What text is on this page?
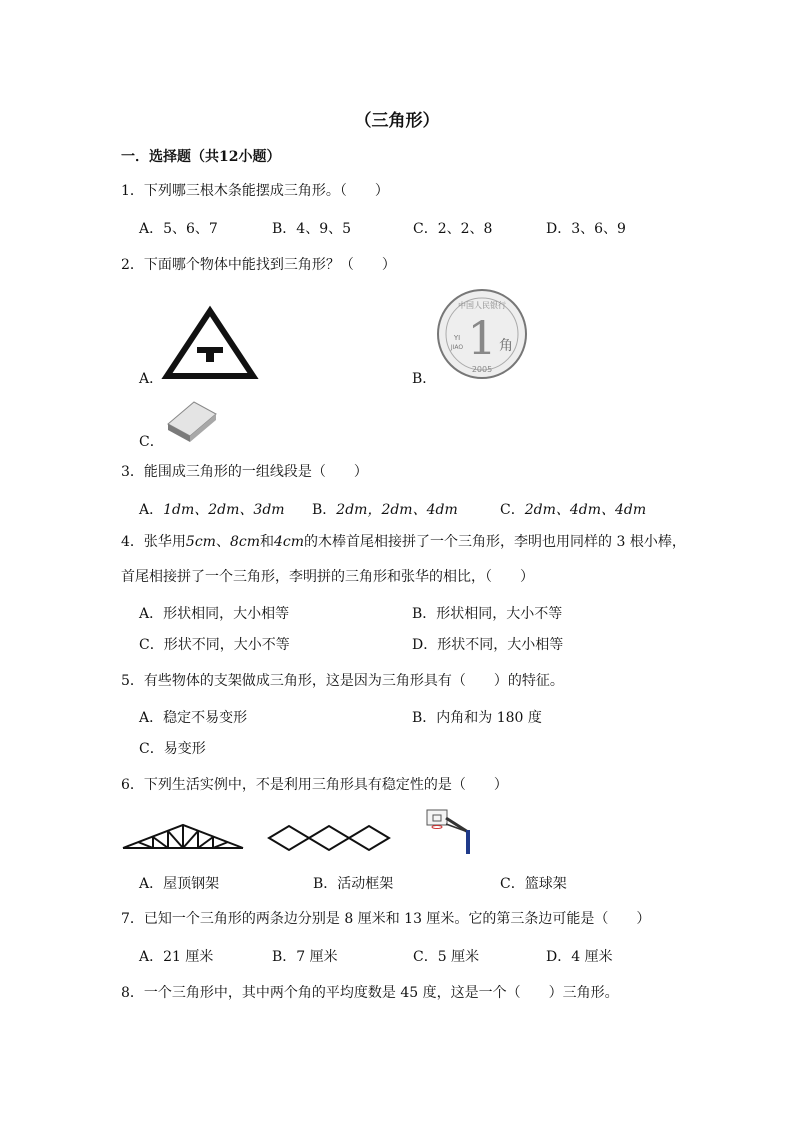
（三角形）
一．选择题（共12小题）
1．下列哪三根木条能摆成三角形。（　　）
A．5、6、7	B．4、9、5	C．2、2、8	D．3、6、9
2．下面哪个物体中能找到三角形？（　　）
A．	B．
1 角
YI
JIAO
中国人民银行
2005
C．
3．能围成三角形的一组线段是（　　）
A．1dm、2dm、3dm B．2dm，2dm、4dm	C．2dm、4dm、4dm
4．张华用5cm、8cm和4cm的木棒首尾相接拼了一个三角形，李明也用同样的 3 根小棒，
首尾相接拼了一个三角形，李明拼的三角形和张华的相比，（　　）
A．形状相同，大小相等	B．形状相同，大小不等
C．形状不同，大小不等	D．形状不同，大小相等
5．有些物体的支架做成三角形，这是因为三角形具有（　　）的特征。
A．稳定不易变形	B．内角和为 180 度
C．易变形
6．下列生活实例中，不是利用三角形具有稳定性的是（　　）
A．屋顶钢架	B．活动框架	C．篮球架
7．已知一个三角形的两条边分别是 8 厘米和 13 厘米。它的第三条边可能是（　　）
A．21 厘米	B．7 厘米	C．5 厘米	D．4 厘米
8．一个三角形中，其中两个角的平均度数是 45 度，这是一个（　　）三角形。
